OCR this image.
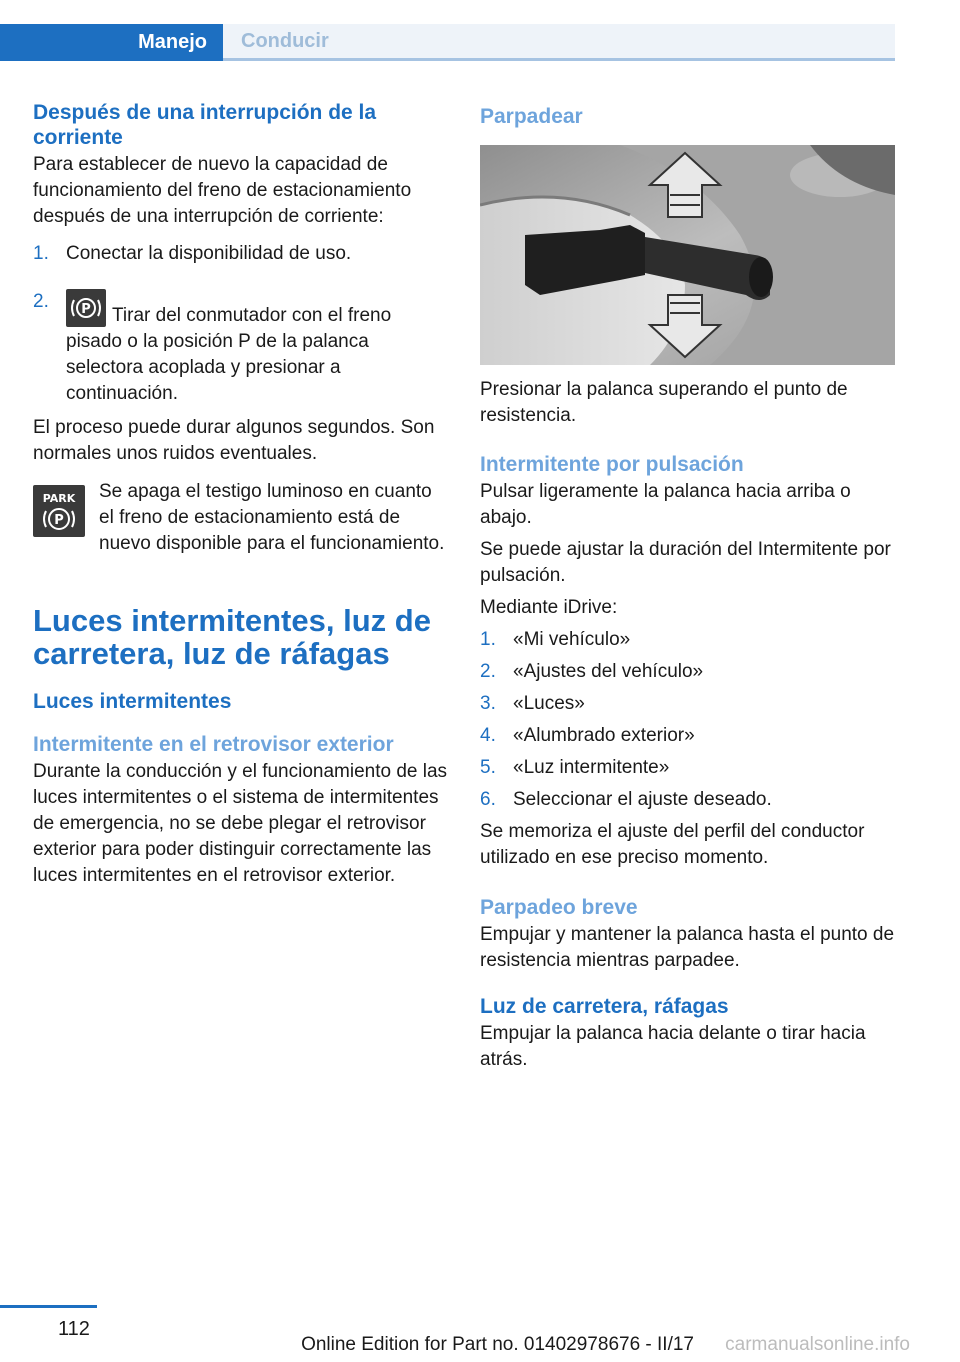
Manejo	Conducir
Después de una interrupción de la corriente

Para establecer de nuevo la capacidad de funcionamiento del freno de estacionamiento después de una interrupción de corriente:

1. Conectar la disponibilidad de uso.
2. P Tirar del conmutador con el freno pisado o la posición P de la palanca selectora acoplada y presionar a continuación.

El proceso puede durar algunos segundos. Son normales unos ruidos eventuales.

PARK
P

Se apaga el testigo luminoso en cuanto el freno de estacionamiento está de nuevo disponible para el funcionamiento.

Luces intermitentes, luz de carretera, luz de ráfagas
Luces intermitentes
Intermitente en el retrovisor exterior

Durante la conducción y el funcionamiento de las luces intermitentes o el sistema de intermitentes de emergencia, no se debe plegar el retrovisor exterior para poder distinguir correctamente las luces intermitentes en el retrovisor exterior.

Parpadear

Presionar la palanca superando el punto de resistencia.

Intermitente por pulsación

Pulsar ligeramente la palanca hacia arriba o abajo.

Se puede ajustar la duración del Intermitente por pulsación.

Mediante iDrive:

1. «Mi vehículo»
2. «Ajustes del vehículo»
3. «Luces»
4. «Alumbrado exterior»
5. «Luz intermitente»
6. Seleccionar el ajuste deseado.

Se memoriza el ajuste del perfil del conductor utilizado en ese preciso momento.

Parpadeo breve

Empujar y mantener la palanca hasta el punto de resistencia mientras parpadee.

Luz de carretera, ráfagas

Empujar la palanca hacia delante o tirar hacia atrás.

112
Online Edition for Part no. 01402978676 - II/17 carmanualsonline.info
